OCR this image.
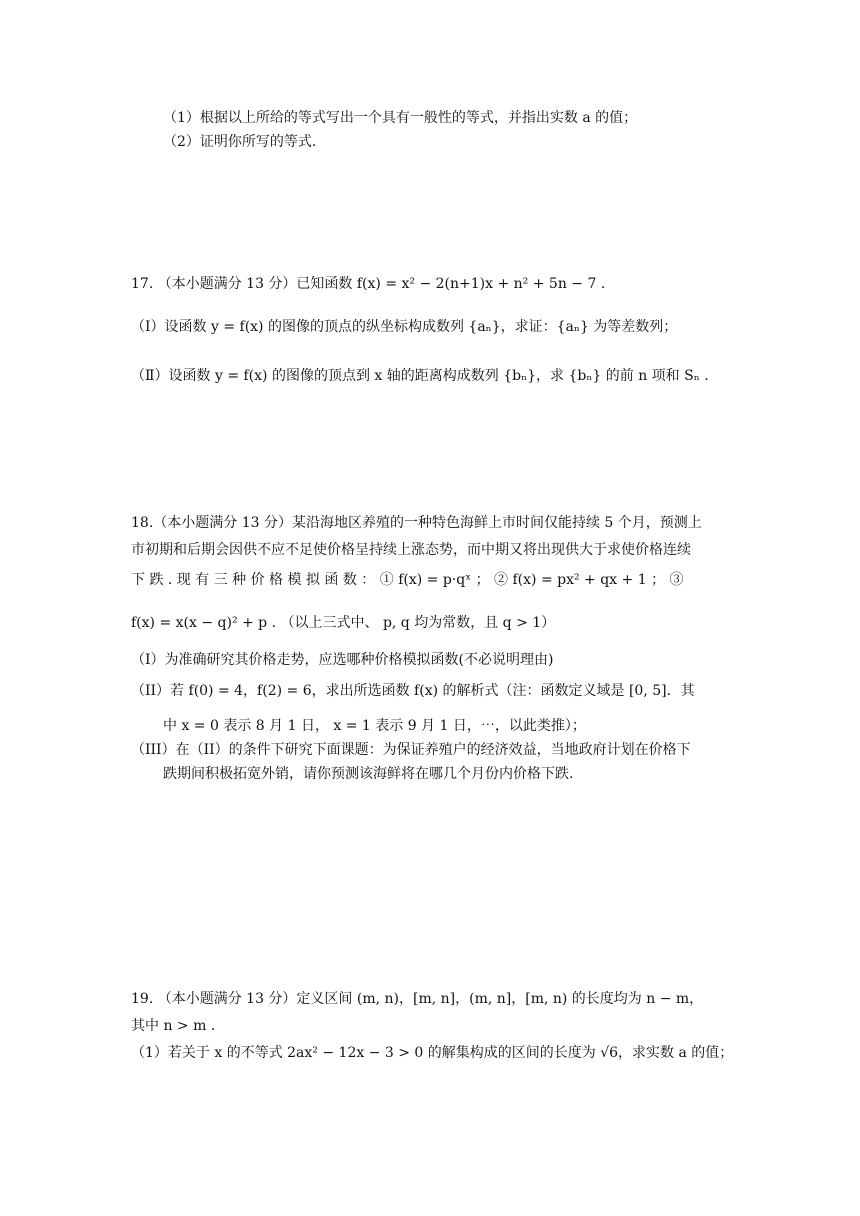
（1）根据以上所给的等式写出一个具有一般性的等式，并指出实数 a 的值；
（2）证明你所写的等式.
17. （本小题满分 13 分）已知函数 f(x) = x² − 2(n+1)x + n² + 5n − 7 .
（Ⅰ）设函数 y = f(x) 的图像的顶点的纵坐标构成数列 {aₙ}，求证：{aₙ} 为等差数列；
（Ⅱ）设函数 y = f(x) 的图像的顶点到 x 轴的距离构成数列 {bₙ}，求 {bₙ} 的前 n 项和 Sₙ .
18.（本小题满分 13 分）某沿海地区养殖的一种特色海鲜上市时间仅能持续 5 个月，预测上
市初期和后期会因供不应不足使价格呈持续上涨态势，而中期又将出现供大于求使价格连续
下 跌 . 现 有 三 种 价 格 模 拟 函 数 ： ① f(x) = p·qˣ ； ② f(x) = px² + qx + 1 ； ③
f(x) = x(x − q)² + p . （以上三式中、 p, q 均为常数，且 q > 1）
（I）为准确研究其价格走势，应选哪种价格模拟函数(不必说明理由)
（II）若 f(0) = 4，f(2) = 6，求出所选函数 f(x) 的解析式（注：函数定义域是 [0, 5]．其
中 x = 0 表示 8 月 1 日， x = 1 表示 9 月 1 日，⋯，以此类推）；
（III）在（II）的条件下研究下面课题：为保证养殖户的经济效益，当地政府计划在价格下
跌期间积极拓宽外销，请你预测该海鲜将在哪几个月份内价格下跌.
19. （本小题满分 13 分）定义区间 (m, n)，[m, n]，(m, n]，[m, n) 的长度均为 n − m，
其中 n > m .
（1）若关于 x 的不等式 2ax² − 12x − 3 > 0 的解集构成的区间的长度为 √6，求实数 a 的值；
